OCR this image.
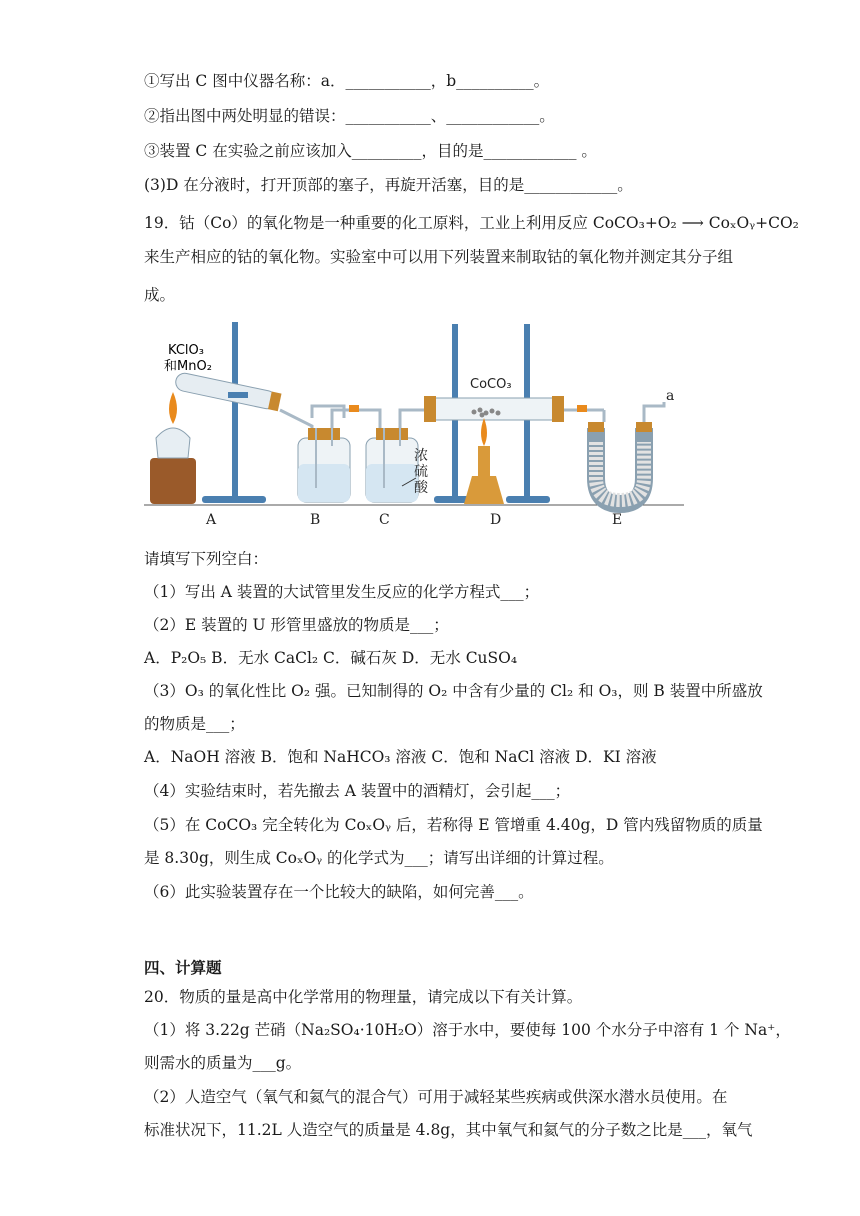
①写出 C 图中仪器名称：a．___________，b__________。
②指出图中两处明显的错误：___________、____________。
③装置 C 在实验之前应该加入_________，目的是____________ 。
(3)D 在分液时，打开顶部的塞子，再旋开活塞，目的是____________。
19．钴（Co）的氧化物是一种重要的化工原料，工业上利用反应 CoCO₃+O₂ ⟶ CoₓOᵧ+CO₂
来生产相应的钴的氧化物。实验室中可以用下列装置来制取钴的氧化物并测定其分子组
成。
请填写下列空白：
（1）写出 A 装置的大试管里发生反应的化学方程式___；
（2）E 装置的 U 形管里盛放的物质是___；
A．P₂O₅ B．无水 CaCl₂ C．碱石灰 D．无水 CuSO₄
（3）O₃ 的氧化性比 O₂ 强。已知制得的 O₂ 中含有少量的 Cl₂ 和 O₃，则 B 装置中所盛放
的物质是___；
A．NaOH 溶液 B．饱和 NaHCO₃ 溶液 C．饱和 NaCl 溶液 D．KI 溶液
（4）实验结束时，若先撤去 A 装置中的酒精灯，会引起___；
（5）在 CoCO₃ 完全转化为 CoₓOᵧ 后，若称得 E 管增重 4.40g，D 管内残留物质的质量
是 8.30g，则生成 CoₓOᵧ 的化学式为___；请写出详细的计算过程。
（6）此实验装置存在一个比较大的缺陷，如何完善___。
四、计算题
20．物质的量是高中化学常用的物理量，请完成以下有关计算。
（1）将 3.22g 芒硝（Na₂SO₄·10H₂O）溶于水中，要使每 100 个水分子中溶有 1 个 Na⁺，
则需水的质量为___g。
（2）人造空气（氧气和氦气的混合气）可用于减轻某些疾病或供深水潜水员使用。在
标准状况下，11.2L 人造空气的质量是 4.8g，其中氧气和氦气的分子数之比是___，氧气
KClO₃
和MnO₂
浓
硫
酸
CoCO₃
a
A	B	C	D	E
